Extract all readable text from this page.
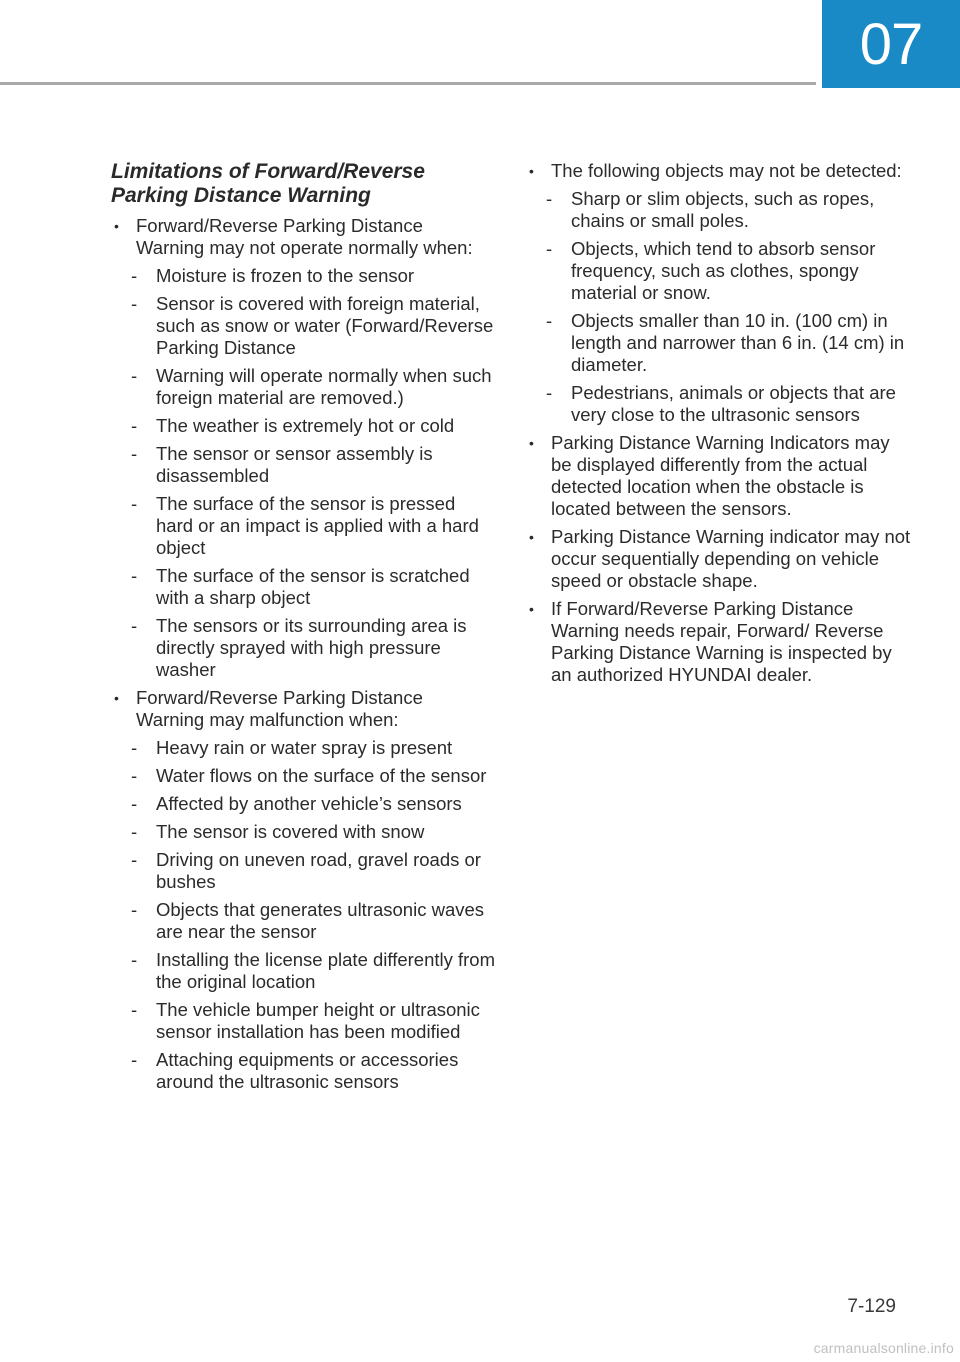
07
Limitations of Forward/Reverse
Parking Distance Warning
• Forward/Reverse Parking Distance Warning may not operate normally when:
- Moisture is frozen to the sensor
- Sensor is covered with foreign material, such as snow or water (Forward/Reverse Parking Distance
- Warning will operate normally when such foreign material are removed.)
- The weather is extremely hot or cold
- The sensor or sensor assembly is disassembled
- The surface of the sensor is pressed hard or an impact is applied with a hard object
- The surface of the sensor is scratched with a sharp object
- The sensors or its surrounding area is directly sprayed with high pressure washer
• Forward/Reverse Parking Distance Warning may malfunction when:
- Heavy rain or water spray is present
- Water flows on the surface of the sensor
- Affected by another vehicle’s sensors
- The sensor is covered with snow
- Driving on uneven road, gravel roads or bushes
- Objects that generates ultrasonic waves are near the sensor
- Installing the license plate differently from the original location
- The vehicle bumper height or ultrasonic sensor installation has been modified
- Attaching equipments or accessories around the ultrasonic sensors
• The following objects may not be detected:
- Sharp or slim objects, such as ropes, chains or small poles.
- Objects, which tend to absorb sensor frequency, such as clothes, spongy material or snow.
- Objects smaller than 10 in. (100 cm) in length and narrower than 6 in. (14 cm) in diameter.
- Pedestrians, animals or objects that are very close to the ultrasonic sensors
• Parking Distance Warning Indicators may be displayed differently from the actual detected location when the obstacle is located between the sensors.
• Parking Distance Warning indicator may not occur sequentially depending on vehicle speed or obstacle shape.
• If Forward/Reverse Parking Distance Warning needs repair, Forward/ Reverse Parking Distance Warning is inspected by an authorized HYUNDAI dealer.
7-129
carmanualsonline.info
